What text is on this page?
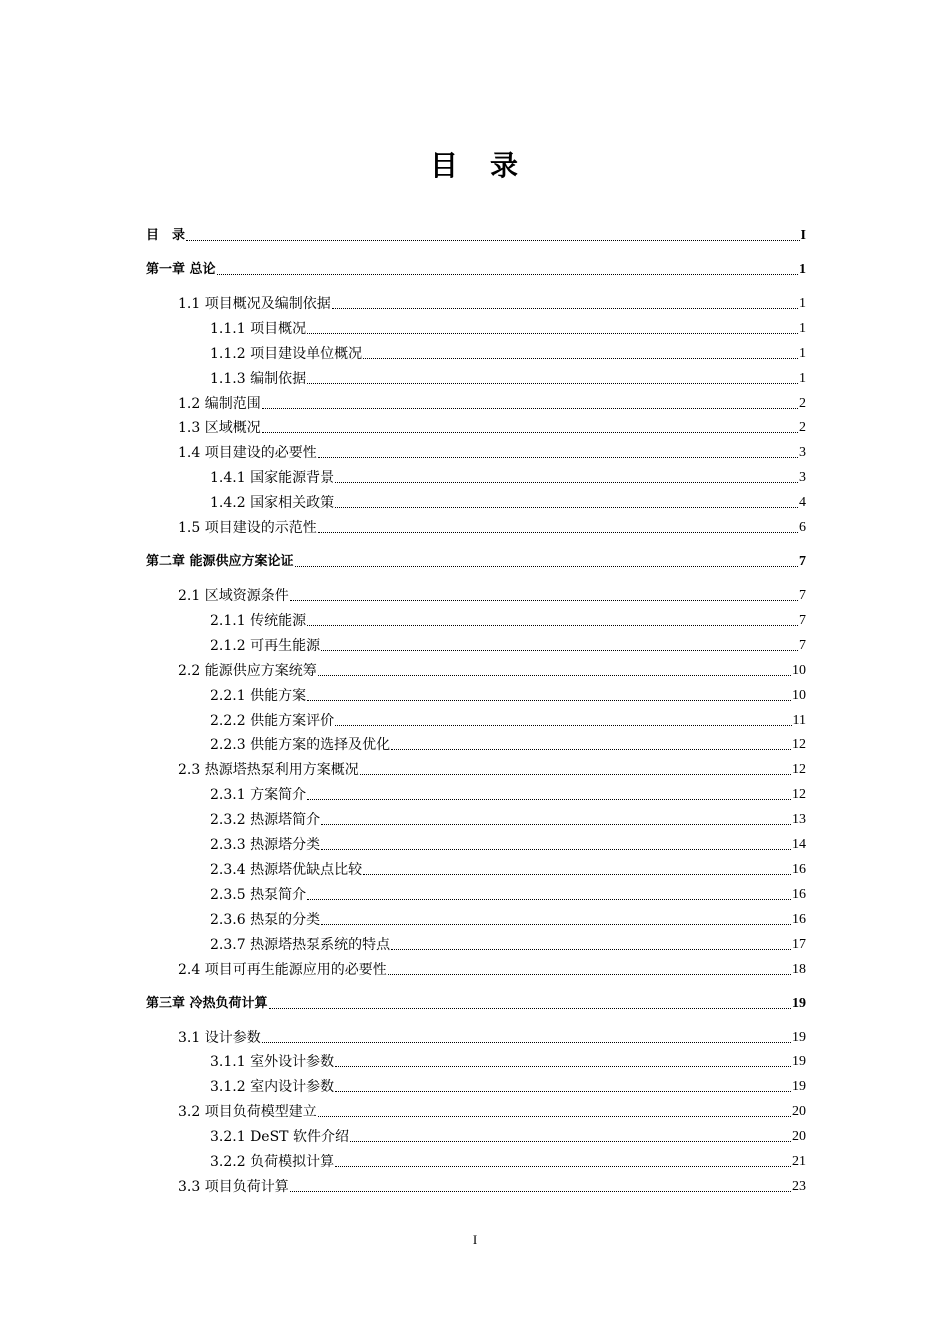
目　录
目　录	I
第一章 总论	1
1.1 项目概况及编制依据	1
1.1.1 项目概况	1
1.1.2 项目建设单位概况	1
1.1.3 编制依据	1
1.2 编制范围	2
1.3 区域概况	2
1.4 项目建设的必要性	3
1.4.1 国家能源背景	3
1.4.2 国家相关政策	4
1.5 项目建设的示范性	6
第二章 能源供应方案论证	7
2.1 区域资源条件	7
2.1.1 传统能源	7
2.1.2 可再生能源	7
2.2 能源供应方案统筹	10
2.2.1 供能方案	10
2.2.2 供能方案评价	11
2.2.3 供能方案的选择及优化	12
2.3 热源塔热泵利用方案概况	12
2.3.1 方案简介	12
2.3.2 热源塔简介	13
2.3.3 热源塔分类	14
2.3.4 热源塔优缺点比较	16
2.3.5 热泵简介	16
2.3.6 热泵的分类	16
2.3.7 热源塔热泵系统的特点	17
2.4 项目可再生能源应用的必要性	18
第三章 冷热负荷计算	19
3.1 设计参数	19
3.1.1 室外设计参数	19
3.1.2 室内设计参数	19
3.2 项目负荷模型建立	20
3.2.1 DeST 软件介绍	20
3.2.2 负荷模拟计算	21
3.3 项目负荷计算	23
I
